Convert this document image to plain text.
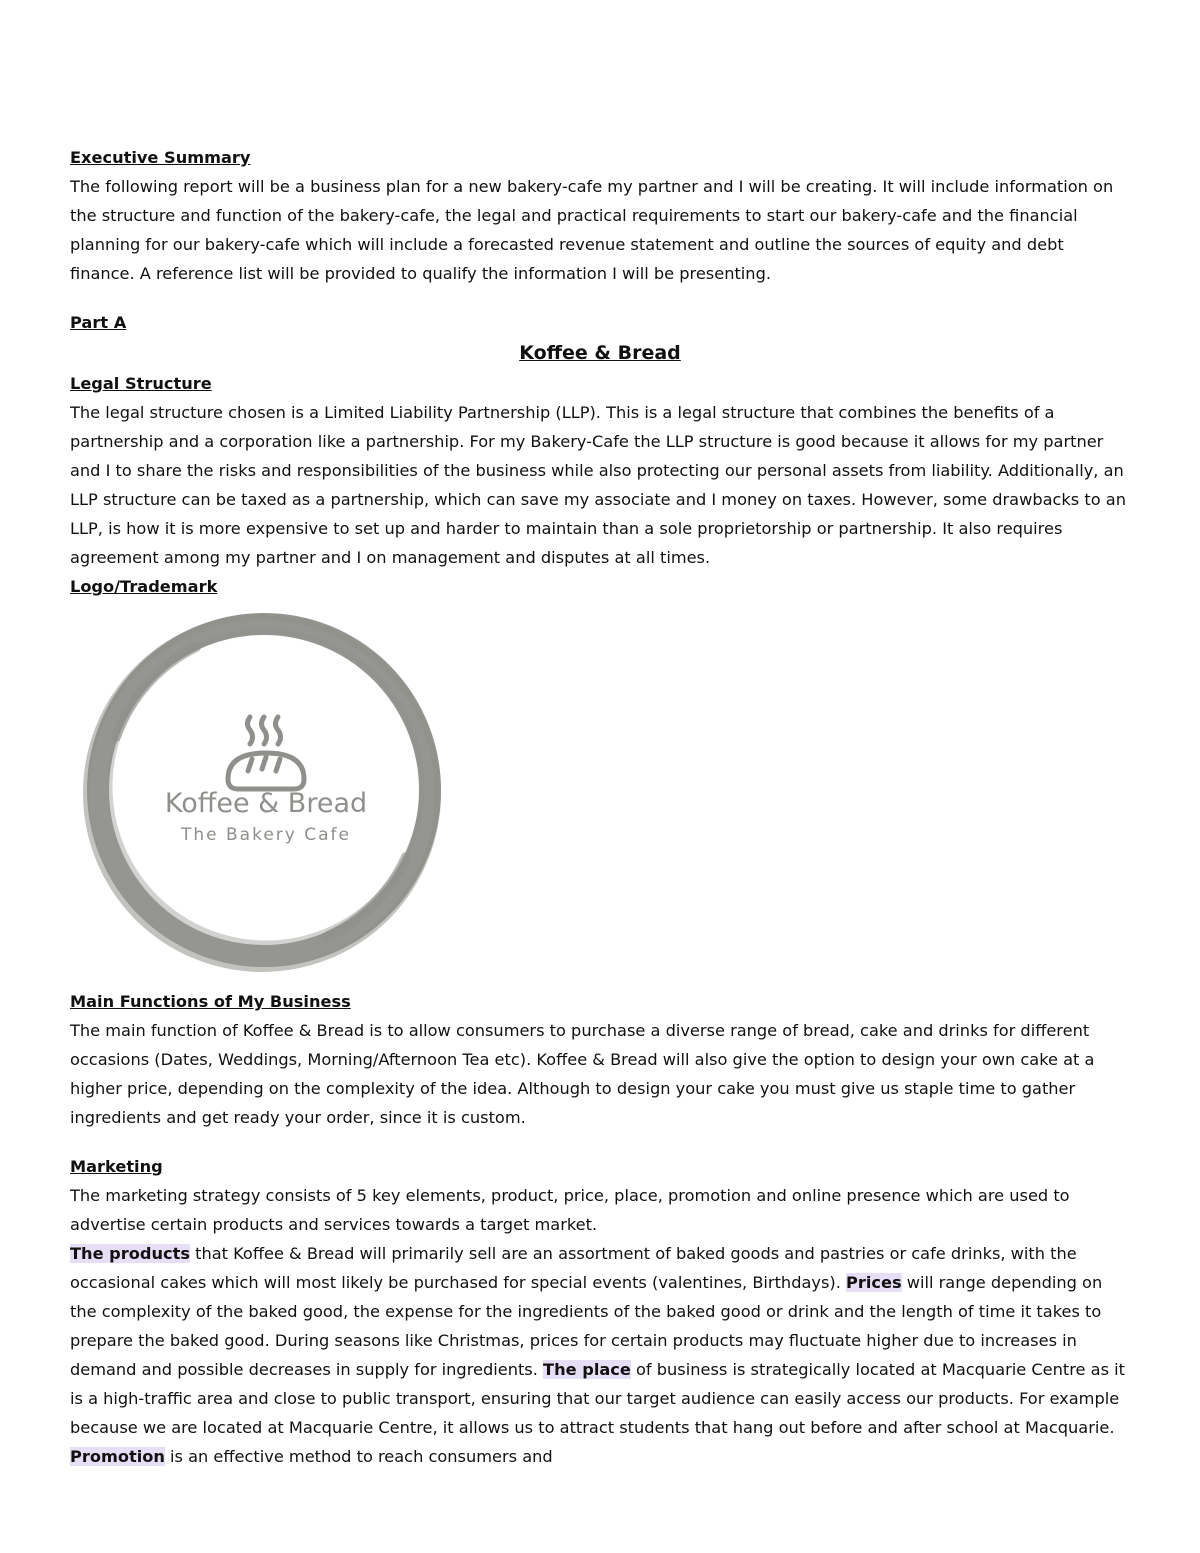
Executive Summary

The following report will be a business plan for a new bakery-cafe my partner and I will be creating. It will include information on the structure and function of the bakery-cafe, the legal and practical requirements to start our bakery-cafe and the financial planning for our bakery-cafe which will include a forecasted revenue statement and outline the sources of equity and debt finance. A reference list will be provided to qualify the information I will be presenting.

Part A
Koffee & Bread
Legal Structure

The legal structure chosen is a Limited Liability Partnership (LLP). This is a legal structure that combines the benefits of a partnership and a corporation like a partnership. For my Bakery-Cafe the LLP structure is good because it allows for my partner and I to share the risks and responsibilities of the business while also protecting our personal assets from liability. Additionally, an LLP structure can be taxed as a partnership, which can save my associate and I money on taxes. However, some drawbacks to an LLP, is how it is more expensive to set up and harder to maintain than a sole proprietorship or partnership. It also requires agreement among my partner and I on management and disputes at all times.

Logo/Trademark
Koffee & Bread
The Bakery Cafe
Main Functions of My Business

The main function of Koffee & Bread is to allow consumers to purchase a diverse range of bread, cake and drinks for different occasions (Dates, Weddings, Morning/Afternoon Tea etc). Koffee & Bread will also give the option to design your own cake at a higher price, depending on the complexity of the idea. Although to design your cake you must give us staple time to gather ingredients and get ready your order, since it is custom.

Marketing

The marketing strategy consists of 5 key elements, product, price, place, promotion and online presence which are used to advertise certain products and services towards a target market.

The products that Koffee & Bread will primarily sell are an assortment of baked goods and pastries or cafe drinks, with the occasional cakes which will most likely be purchased for special events (valentines, Birthdays). Prices will range depending on the complexity of the baked good, the expense for the ingredients of the baked good or drink and the length of time it takes to prepare the baked good. During seasons like Christmas, prices for certain products may fluctuate higher due to increases in demand and possible decreases in supply for ingredients. The place of business is strategically located at Macquarie Centre as it is a high-traffic area and close to public transport, ensuring that our target audience can easily access our products. For example because we are located at Macquarie Centre, it allows us to attract students that hang out before and after school at Macquarie. Promotion is an effective method to reach consumers and
